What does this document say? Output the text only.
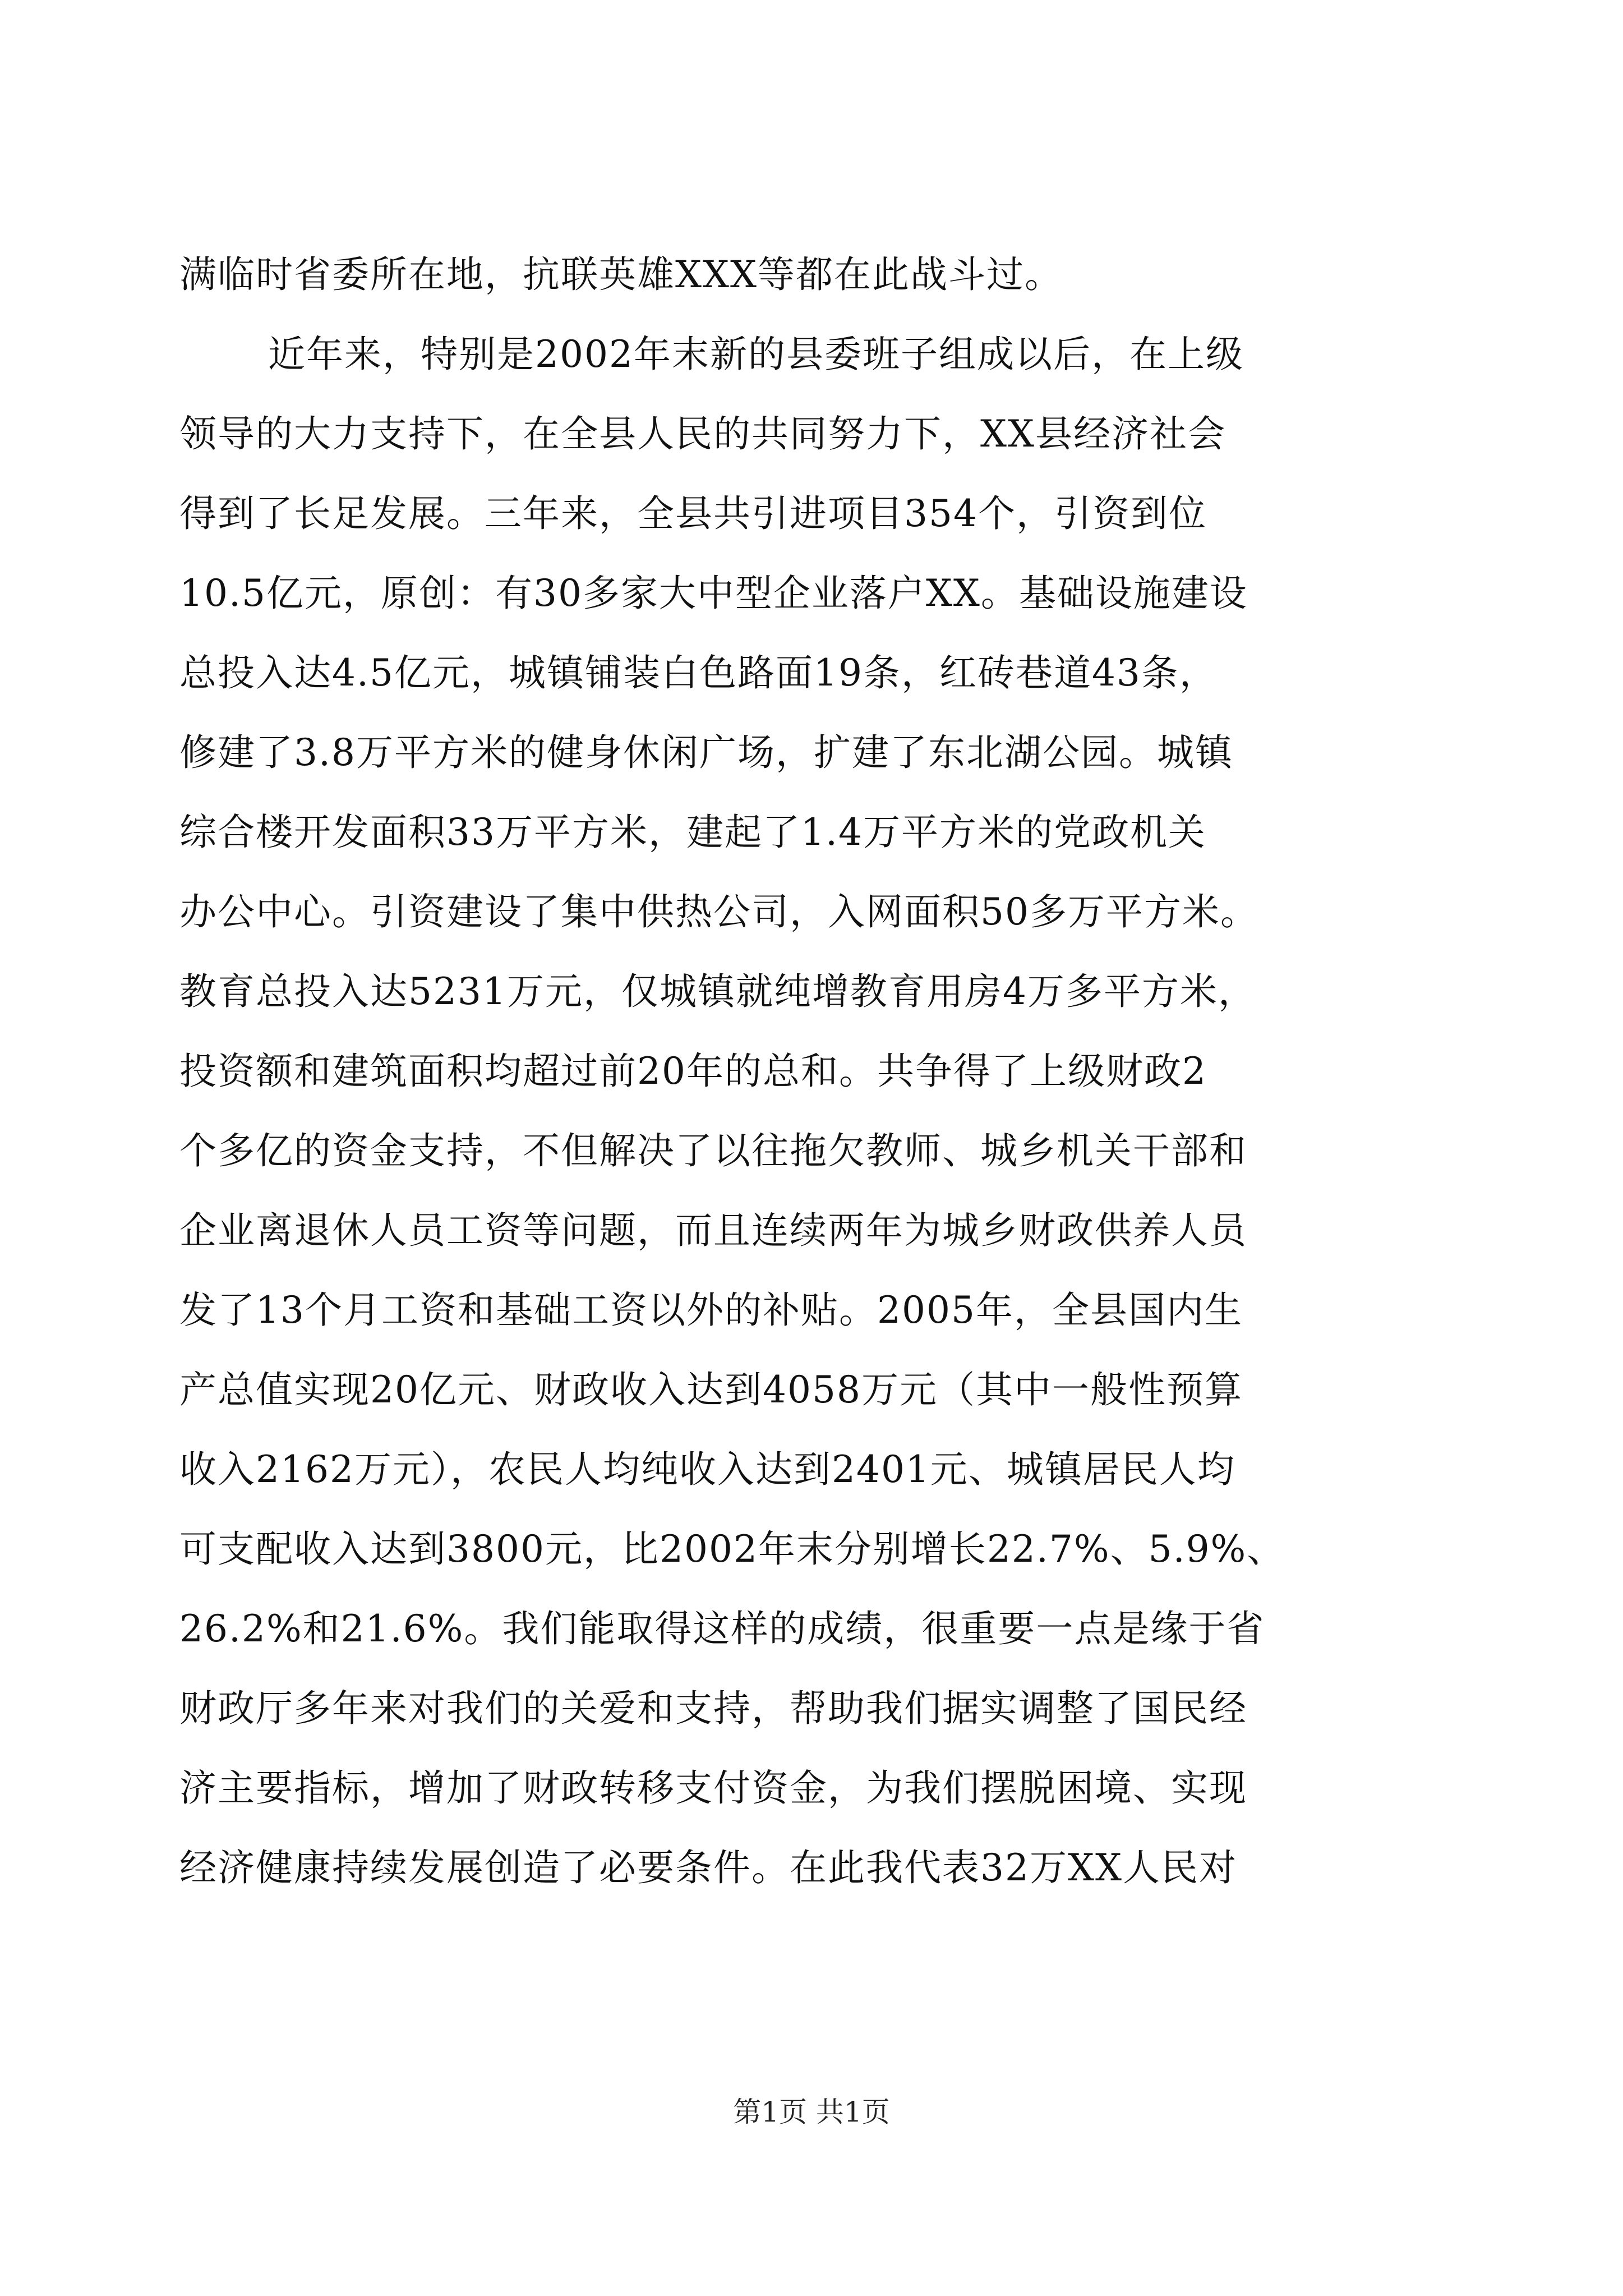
满临时省委所在地，抗联英雄XXX等都在此战斗过。
近年来，特别是2002年末新的县委班子组成以后，在上级
领导的大力支持下，在全县人民的共同努力下，XX县经济社会
得到了长足发展。三年来，全县共引进项目354个，引资到位
10.5亿元，原创：有30多家大中型企业落户XX。基础设施建设
总投入达4.5亿元，城镇铺装白色路面19条，红砖巷道43条，
修建了3.8万平方米的健身休闲广场，扩建了东北湖公园。城镇
综合楼开发面积33万平方米，建起了1.4万平方米的党政机关
办公中心。引资建设了集中供热公司，入网面积50多万平方米。
教育总投入达5231万元，仅城镇就纯增教育用房4万多平方米，
投资额和建筑面积均超过前20年的总和。共争得了上级财政2
个多亿的资金支持，不但解决了以往拖欠教师、城乡机关干部和
企业离退休人员工资等问题，而且连续两年为城乡财政供养人员
发了13个月工资和基础工资以外的补贴。2005年，全县国内生
产总值实现20亿元、财政收入达到4058万元（其中一般性预算
收入2162万元），农民人均纯收入达到2401元、城镇居民人均
可支配收入达到3800元，比2002年末分别增长22.7%、5.9%、
26.2%和21.6%。我们能取得这样的成绩，很重要一点是缘于省
财政厅多年来对我们的关爱和支持，帮助我们据实调整了国民经
济主要指标，增加了财政转移支付资金，为我们摆脱困境、实现
经济健康持续发展创造了必要条件。在此我代表32万XX人民对
第1页 共1页
